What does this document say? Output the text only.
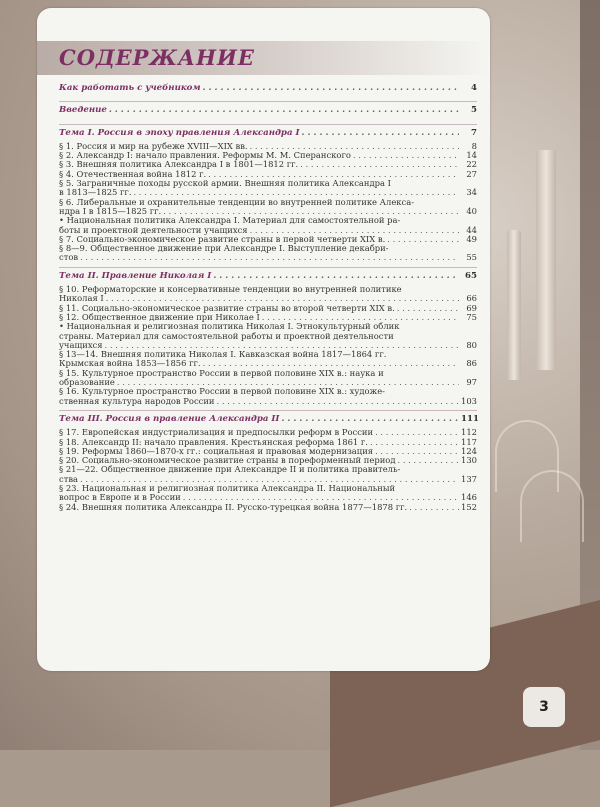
СОДЕРЖАНИЕ
Как работать с учебником . . .	4
Введение . . .	5
Тема I. Россия в эпоху правления Александра I . . .	7
§ 1. Россия и мир на рубеже XVIII—XIX вв. . . .	8
§ 2. Александр I: начало правления. Реформы М. М. Сперанского . . .	14
§ 3. Внешняя политика Александра I в 1801—1812 гг. . . .	22
§ 4. Отечественная война 1812 г. . . .	27
§ 5. Заграничные походы русской армии. Внешняя политика Александра I
в 1813—1825 гг. . . .	34
§ 6. Либеральные и охранительные тенденции во внутренней политике Алекса-
ндра I в 1815—1825 гг. . . .	40
• Национальная политика Александра I. Материал для самостоятельной ра-
боты и проектной деятельности учащихся . . .	44
§ 7. Социально-экономическое развитие страны в первой четверти XIX в. . . .	49
§ 8—9. Общественное движение при Александре I. Выступление декабри-
стов . . .	55
Тема II. Правление Николая I . . .	65
§ 10. Реформаторские и консервативные тенденции во внутренней политике
Николая I . . .	66
§ 11. Социально-экономическое развитие страны во второй четверти XIX в. . . .	69
§ 12. Общественное движение при Николае I . . .	75
• Национальная и религиозная политика Николая I. Этнокультурный облик
страны. Материал для самостоятельной работы и проектной деятельности
учащихся . . .	80
§ 13—14. Внешняя политика Николая I. Кавказская война 1817—1864 гг.
Крымская война 1853—1856 гг. . . .	86
§ 15. Культурное пространство России в первой половине XIX в.: наука и
образование . . .	97
§ 16. Культурное пространство России в первой половине XIX в.: художе-
ственная культура народов России . . .	103
Тема III. Россия в правление Александра II . . .	111
§ 17. Европейская индустриализация и предпосылки реформ в России . . .	112
§ 18. Александр II: начало правления. Крестьянская реформа 1861 г. . . .	117
§ 19. Реформы 1860—1870-х гг.: социальная и правовая модернизация . . .	124
§ 20. Социально-экономическое развитие страны в пореформенный период . . .	130
§ 21—22. Общественное движение при Александре II и политика правитель-
ства . . .	137
§ 23. Национальная и религиозная политика Александра II. Национальный
вопрос в Европе и в России . . .	146
§ 24. Внешняя политика Александра II. Русско-турецкая война 1877—1878 гг. . . .	152
3
